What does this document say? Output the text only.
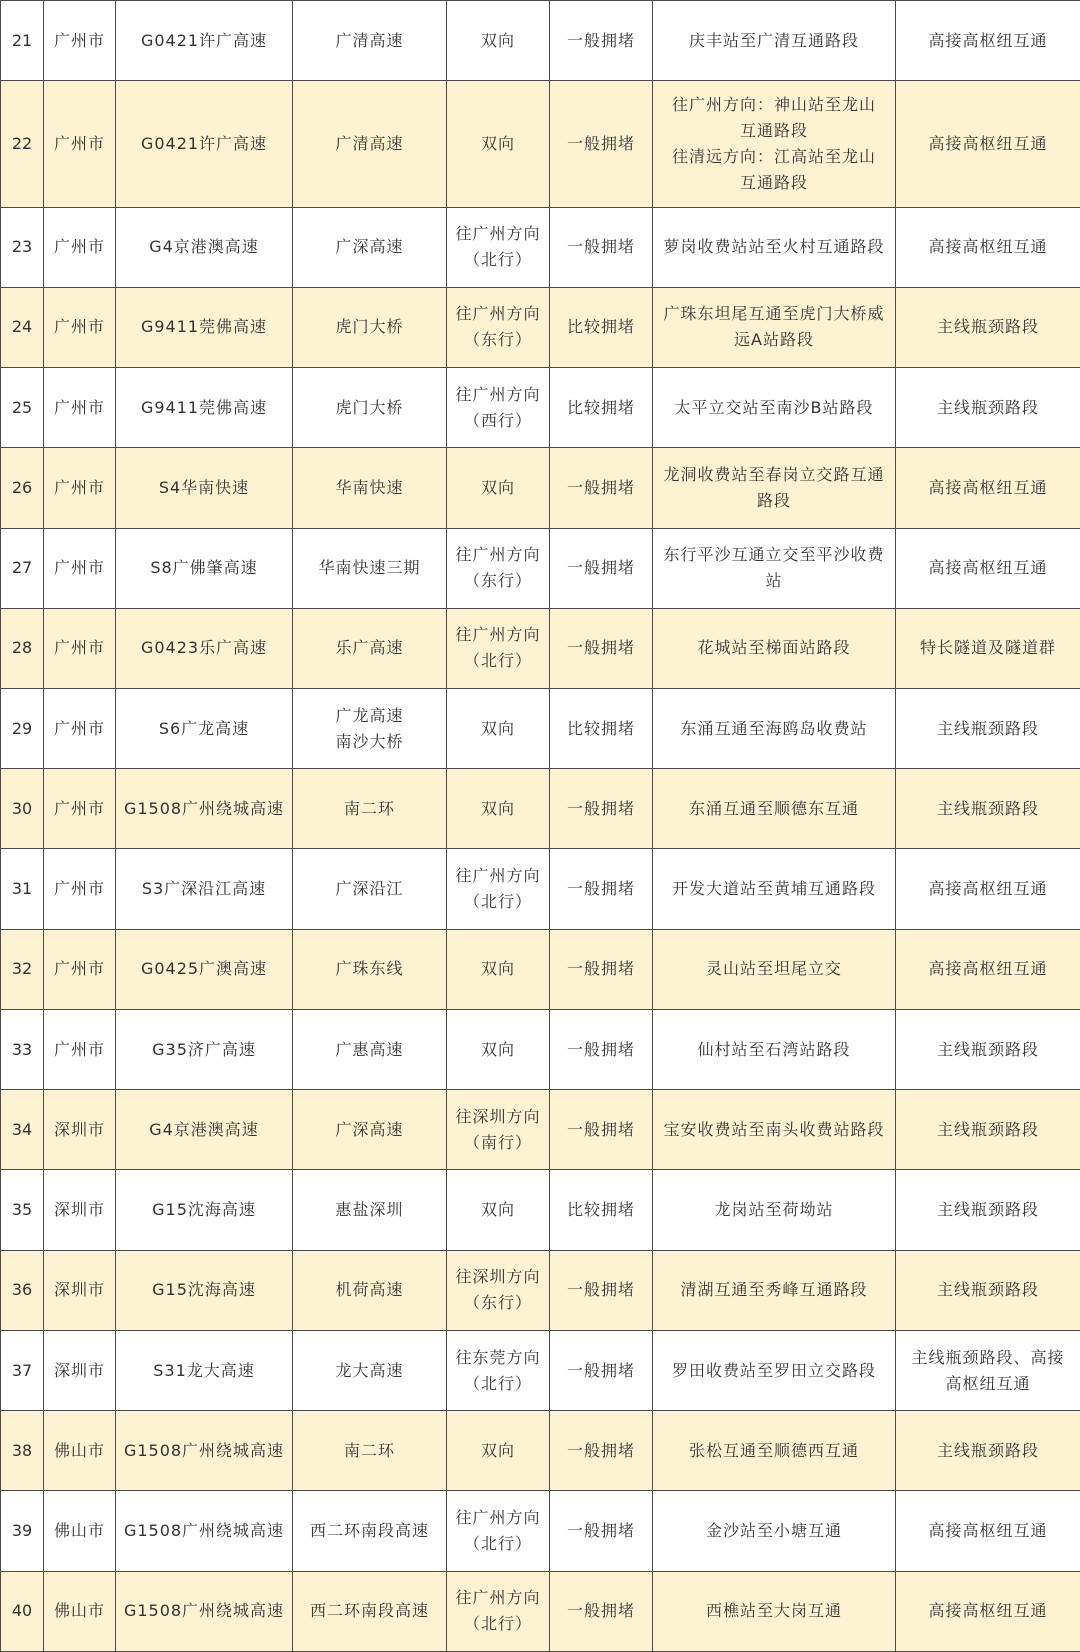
21	广州市	G0421许广高速	广清高速	双向	一般拥堵	庆丰站至广清互通路段	高接高枢纽互通
22	广州市	G0421许广高速	广清高速	双向	一般拥堵	往广州方向：神山站至龙山
互通路段
往清远方向：江高站至龙山
互通路段	高接高枢纽互通
23	广州市	G4京港澳高速	广深高速	往广州方向
（北行）	一般拥堵	萝岗收费站站至火村互通路段	高接高枢纽互通
24	广州市	G9411莞佛高速	虎门大桥	往广州方向
（东行）	比较拥堵	广珠东坦尾互通至虎门大桥威
远A站路段	主线瓶颈路段
25	广州市	G9411莞佛高速	虎门大桥	往广州方向
（西行）	比较拥堵	太平立交站至南沙B站路段	主线瓶颈路段
26	广州市	S4华南快速	华南快速	双向	一般拥堵	龙洞收费站至春岗立交路互通
路段	高接高枢纽互通
27	广州市	S8广佛肇高速	华南快速三期	往广州方向
（东行）	一般拥堵	东行平沙互通立交至平沙收费
站	高接高枢纽互通
28	广州市	G0423乐广高速	乐广高速	往广州方向
（北行）	一般拥堵	花城站至梯面站路段	特长隧道及隧道群
29	广州市	S6广龙高速	广龙高速
南沙大桥	双向	比较拥堵	东涌互通至海鸥岛收费站	主线瓶颈路段
30	广州市	G1508广州绕城高速	南二环	双向	一般拥堵	东涌互通至顺德东互通	主线瓶颈路段
31	广州市	S3广深沿江高速	广深沿江	往广州方向
（北行）	一般拥堵	开发大道站至黄埔互通路段	高接高枢纽互通
32	广州市	G0425广澳高速	广珠东线	双向	一般拥堵	灵山站至坦尾立交	高接高枢纽互通
33	广州市	G35济广高速	广惠高速	双向	一般拥堵	仙村站至石湾站路段	主线瓶颈路段
34	深圳市	G4京港澳高速	广深高速	往深圳方向
（南行）	一般拥堵	宝安收费站至南头收费站路段	主线瓶颈路段
35	深圳市	G15沈海高速	惠盐深圳	双向	比较拥堵	龙岗站至荷坳站	主线瓶颈路段
36	深圳市	G15沈海高速	机荷高速	往深圳方向
（东行）	一般拥堵	清湖互通至秀峰互通路段	主线瓶颈路段
37	深圳市	S31龙大高速	龙大高速	往东莞方向
（北行）	一般拥堵	罗田收费站至罗田立交路段	主线瓶颈路段、高接
高枢纽互通
38	佛山市	G1508广州绕城高速	南二环	双向	一般拥堵	张松互通至顺德西互通	主线瓶颈路段
39	佛山市	G1508广州绕城高速	西二环南段高速	往广州方向
（北行）	一般拥堵	金沙站至小塘互通	高接高枢纽互通
40	佛山市	G1508广州绕城高速	西二环南段高速	往广州方向
（北行）	一般拥堵	西樵站至大岗互通	高接高枢纽互通
